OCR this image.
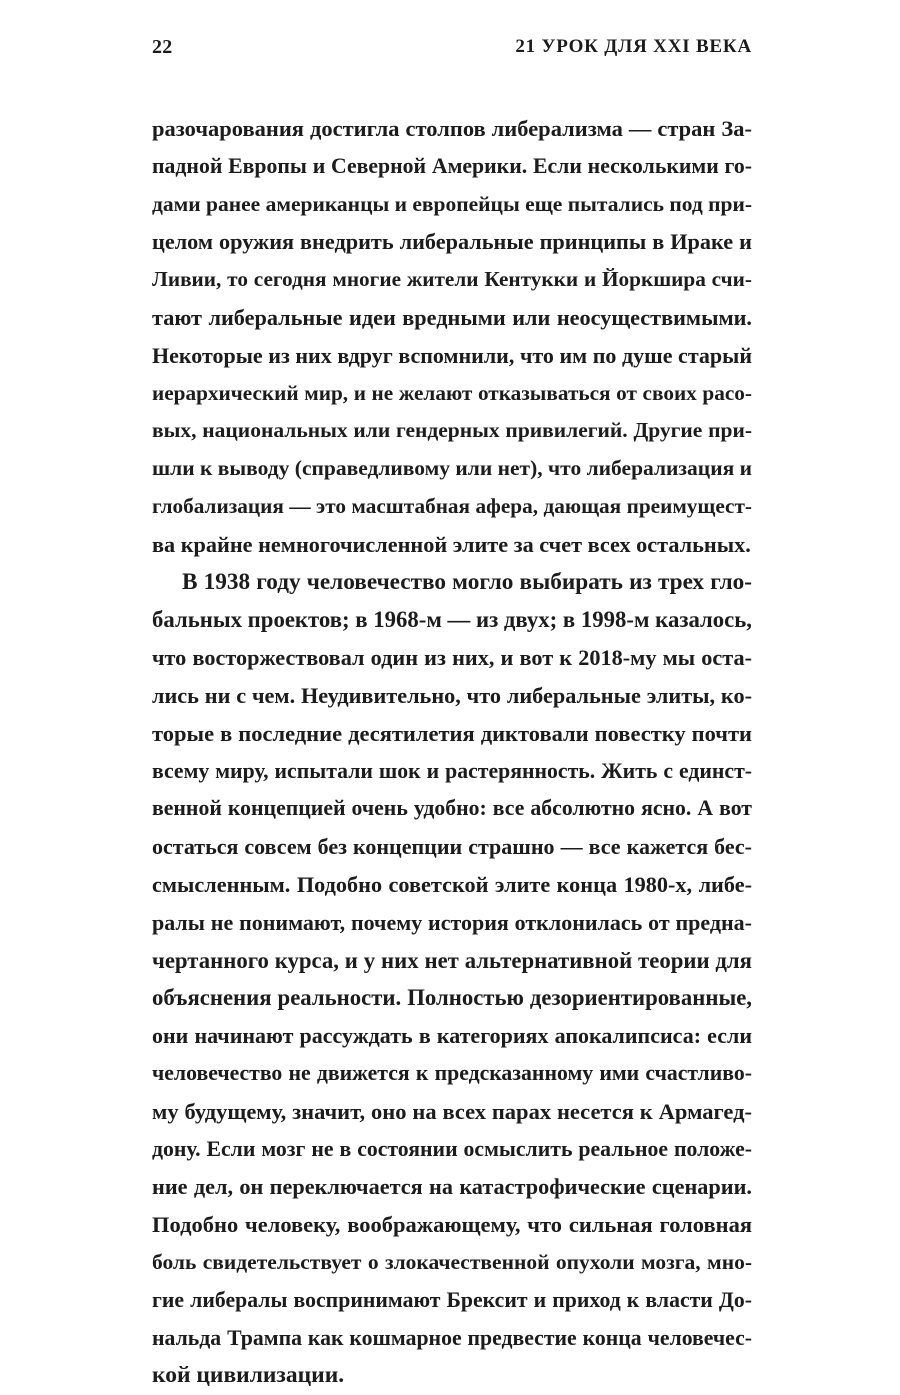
22	21 УРОК ДЛЯ XXI ВЕКА
разочарования достигла столпов либерализма — стран За-
падной Европы и Северной Америки. Если несколькими го-
дами ранее американцы и европейцы еще пытались под при-
целом оружия внедрить либеральные принципы в Ираке и
Ливии, то сегодня многие жители Кентукки и Йоркшира счи-
тают либеральные идеи вредными или неосуществимыми.
Некоторые из них вдруг вспомнили, что им по душе старый
иерархический мир, и не желают отказываться от своих расо-
вых, национальных или гендерных привилегий. Другие при-
шли к выводу (справедливому или нет), что либерализация и
глобализация — это масштабная афера, дающая преимущест-
ва крайне немногочисленной элите за счет всех остальных.
В 1938 году человечество могло выбирать из трех гло-
бальных проектов; в 1968-м — из двух; в 1998-м казалось,
что восторжествовал один из них, и вот к 2018-му мы оста-
лись ни с чем. Неудивительно, что либеральные элиты, ко-
торые в последние десятилетия диктовали повестку почти
всему миру, испытали шок и растерянность. Жить с единст-
венной концепцией очень удобно: все абсолютно ясно. А вот
остаться совсем без концепции страшно — все кажется бес-
смысленным. Подобно советской элите конца 1980-х, либе-
ралы не понимают, почему история отклонилась от предна-
чертанного курса, и у них нет альтернативной теории для
объяснения реальности. Полностью дезориентированные,
они начинают рассуждать в категориях апокалипсиса: если
человечество не движется к предсказанному ими счастливо-
му будущему, значит, оно на всех парах несется к Армагед-
дону. Если мозг не в состоянии осмыслить реальное положе-
ние дел, он переключается на катастрофические сценарии.
Подобно человеку, воображающему, что сильная головная
боль свидетельствует о злокачественной опухоли мозга, мно-
гие либералы воспринимают Брексит и приход к власти До-
нальда Трампа как кошмарное предвестие конца человечес-
кой цивилизации.
